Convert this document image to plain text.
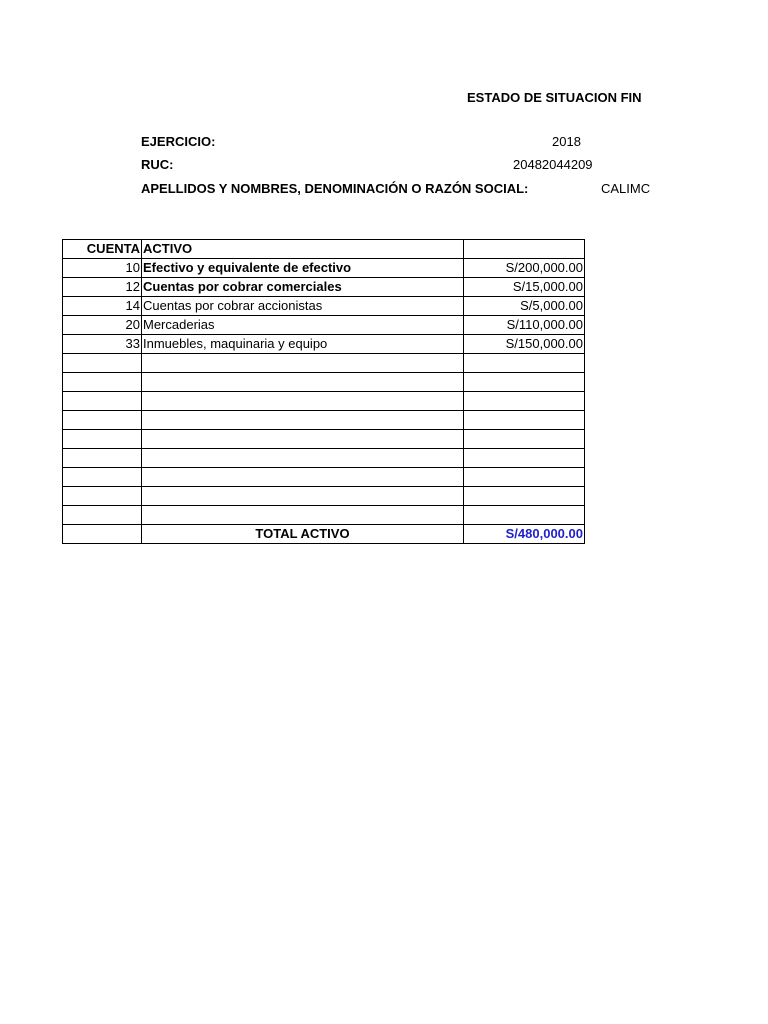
ESTADO DE SITUACION FIN
EJERCICIO:	2018
RUC:	20482044209
APELLIDOS Y NOMBRES, DENOMINACIÓN O RAZÓN SOCIAL:	CALIMC
CUENTA	ACTIVO	
10	Efectivo y equivalente de efectivo	S/200,000.00
12	Cuentas por cobrar comerciales	S/15,000.00
14	Cuentas por cobrar accionistas	S/5,000.00
20	Mercaderias	S/110,000.00
33	Inmuebles, maquinaria y equipo	S/150,000.00

	TOTAL ACTIVO	S/480,000.00
